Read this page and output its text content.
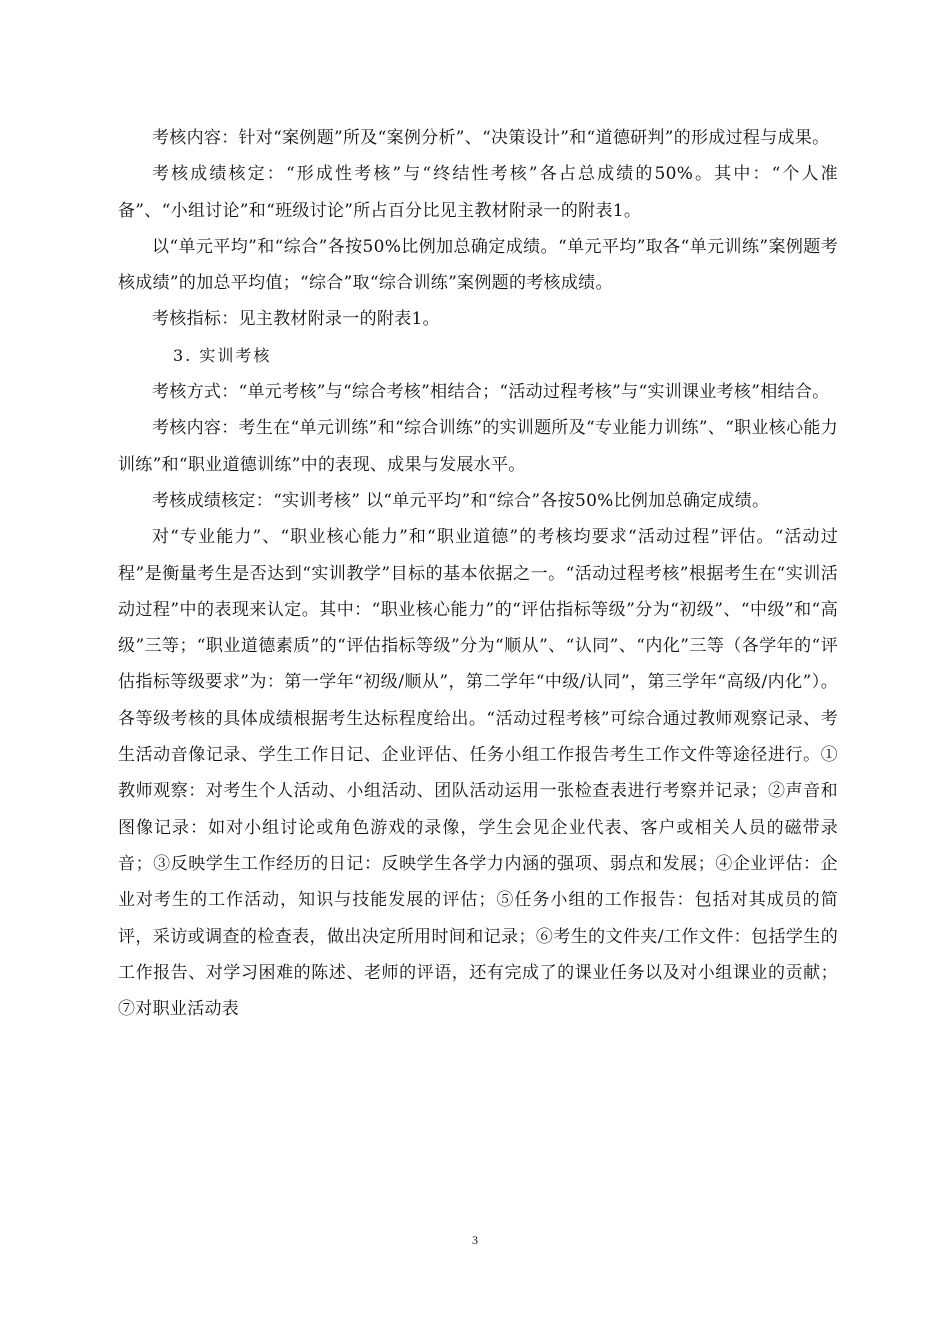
考核内容：针对“案例题”所及“案例分析”、“决策设计”和“道德研判”的形成过程与成果。

考核成绩核定：“形成性考核”与“终结性考核”各占总成绩的50%。其中：“个人准备”、“小组讨论”和“班级讨论”所占百分比见主教材附录一的附表1。

以“单元平均”和“综合”各按50%比例加总确定成绩。“单元平均”取各“单元训练”案例题考核成绩”的加总平均值；“综合”取“综合训练”案例题的考核成绩。

考核指标：见主教材附录一的附表1。

3. 实训考核

考核方式：“单元考核”与“综合考核”相结合；“活动过程考核”与“实训课业考核”相结合。

考核内容：考生在“单元训练”和“综合训练”的实训题所及“专业能力训练”、“职业核心能力训练”和“职业道德训练”中的表现、成果与发展水平。

考核成绩核定：“实训考核” 以“单元平均”和“综合”各按50%比例加总确定成绩。

对“专业能力”、“职业核心能力”和“职业道德”的考核均要求“活动过程”评估。“活动过程”是衡量考生是否达到“实训教学”目标的基本依据之一。“活动过程考核”根据考生在“实训活动过程”中的表现来认定。其中：“职业核心能力”的“评估指标等级”分为“初级”、“中级”和“高级”三等；“职业道德素质”的“评估指标等级”分为“顺从”、“认同”、“内化”三等（各学年的“评估指标等级要求”为：第一学年“初级/顺从”，第二学年“中级/认同”，第三学年“高级/内化”）。各等级考核的具体成绩根据考生达标程度给出。“活动过程考核”可综合通过教师观察记录、考生活动音像记录、学生工作日记、企业评估、任务小组工作报告考生工作文件等途径进行。①教师观察：对考生个人活动、小组活动、团队活动运用一张检查表进行考察并记录；②声音和图像记录：如对小组讨论或角色游戏的录像，学生会见企业代表、客户或相关人员的磁带录音；③反映学生工作经历的日记：反映学生各学力内涵的强项、弱点和发展；④企业评估：企业对考生的工作活动，知识与技能发展的评估；⑤任务小组的工作报告：包括对其成员的简评，采访或调查的检查表，做出决定所用时间和记录；⑥考生的文件夹/工作文件：包括学生的工作报告、对学习困难的陈述、老师的评语，还有完成了的课业任务以及对小组课业的贡献；⑦对职业活动表

3
